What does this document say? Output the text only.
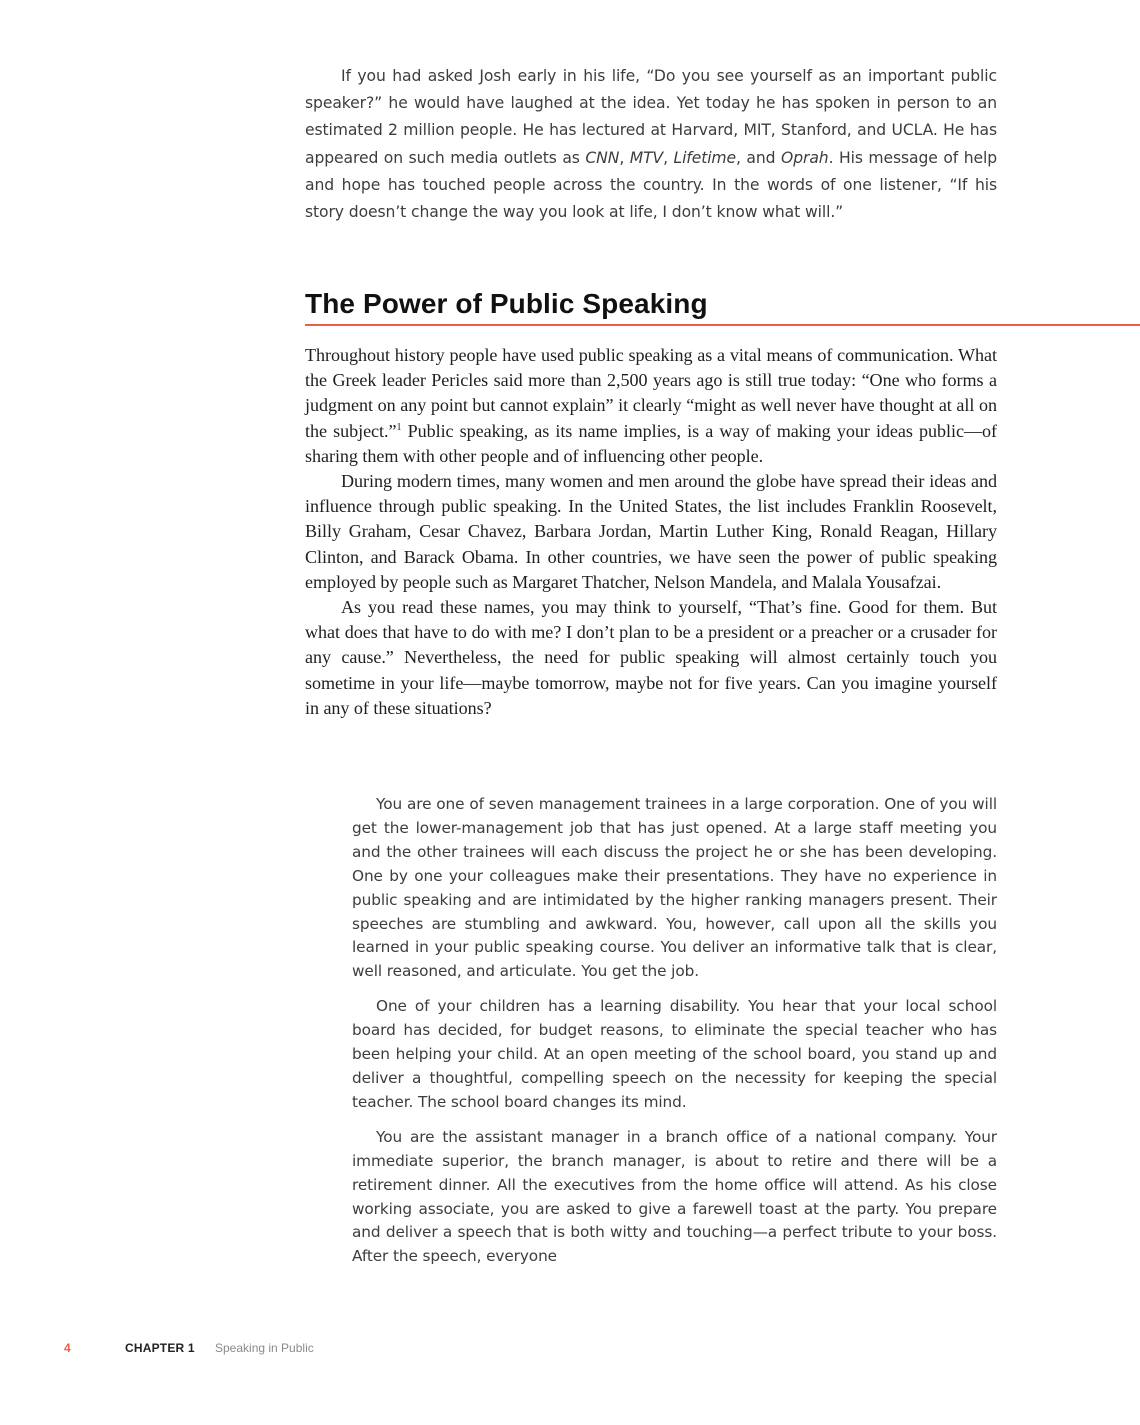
If you had asked Josh early in his life, “Do you see yourself as an important public speaker?” he would have laughed at the idea. Yet today he has spoken in person to an estimated 2 million people. He has lectured at Harvard, MIT, Stanford, and UCLA. He has appeared on such media outlets as CNN, MTV, Lifetime, and Oprah. His message of help and hope has touched people across the country. In the words of one listener, “If his story doesn’t change the way you look at life, I don’t know what will.”

The Power of Public Speaking

Throughout history people have used public speaking as a vital means of communication. What the Greek leader Pericles said more than 2,500 years ago is still true today: “One who forms a judgment on any point but cannot explain” it clearly “might as well never have thought at all on the subject.”$^1$ Public speaking, as its name implies, is a way of making your ideas public—of sharing them with other people and of influencing other people.

During modern times, many women and men around the globe have spread their ideas and influence through public speaking. In the United States, the list includes Franklin Roosevelt, Billy Graham, Cesar Chavez, Barbara Jordan, Martin Luther King, Ronald Reagan, Hillary Clinton, and Barack Obama. In other countries, we have seen the power of public speaking employed by people such as Margaret Thatcher, Nelson Mandela, and Malala Yousafzai.

As you read these names, you may think to yourself, “That’s fine. Good for them. But what does that have to do with me? I don’t plan to be a president or a preacher or a crusader for any cause.” Nevertheless, the need for public speaking will almost certainly touch you sometime in your life—maybe tomorrow, maybe not for five years. Can you imagine yourself in any of these situations?

You are one of seven management trainees in a large corporation. One of you will get the lower-management job that has just opened. At a large staff meeting you and the other trainees will each discuss the project he or she has been developing. One by one your colleagues make their presentations. They have no experience in public speaking and are intimidated by the higher ranking managers present. Their speeches are stumbling and awkward. You, however, call upon all the skills you learned in your public speaking course. You deliver an informative talk that is clear, well reasoned, and articulate. You get the job.

One of your children has a learning disability. You hear that your local school board has decided, for budget reasons, to eliminate the special teacher who has been helping your child. At an open meeting of the school board, you stand up and deliver a thoughtful, compelling speech on the necessity for keeping the special teacher. The school board changes its mind.

You are the assistant manager in a branch office of a national company. Your immediate superior, the branch manager, is about to retire and there will be a retirement dinner. All the executives from the home office will attend. As his close working associate, you are asked to give a farewell toast at the party. You prepare and deliver a speech that is both witty and touching—a perfect tribute to your boss. After the speech, everyone

4	CHAPTER 1 Speaking in Public
